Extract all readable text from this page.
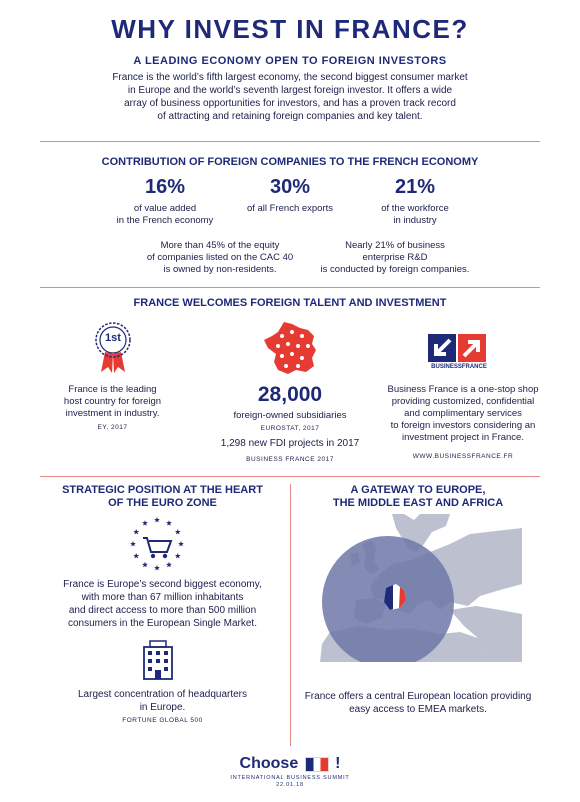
WHY INVEST IN FRANCE?
A LEADING ECONOMY OPEN TO FOREIGN INVESTORS
France is the world’s fifth largest economy, the second biggest consumer market
in Europe and the world’s seventh largest foreign investor. It offers a wide
array of business opportunities for investors, and has a proven track record
of attracting and retaining foreign companies and key talent.
CONTRIBUTION OF FOREIGN COMPANIES TO THE FRENCH ECONOMY
16%
of value added
in the French economy
30%
of all French exports
21%
of the workforce
in industry
More than 45% of the equity
of companies listed on the CAC 40
is owned by non-residents.
Nearly 21% of business
enterprise R&D
is conducted by foreign companies.
FRANCE WELCOMES FOREIGN TALENT AND INVESTMENT
1st
France is the leading
host country for foreign
investment in industry.
EY, 2017
28,000
foreign-owned subsidiaries
EUROSTAT, 2017
1,298 new FDI projects in 2017
BUSINESS FRANCE 2017
BUSINESSFRANCE
Business France is a one-stop shop
providing customized, confidential
and complimentary services
to foreign investors considering an
investment project in France.
WWW.BUSINESSFRANCE.FR
STRATEGIC POSITION AT THE HEART
OF THE EURO ZONE
France is Europe’s second biggest economy,
with more than 67 million inhabitants
and direct access to more than 500 million
consumers in the European Single Market.
Largest concentration of headquarters
in Europe.
FORTUNE GLOBAL 500
A GATEWAY TO EUROPE,
THE MIDDLE EAST AND AFRICA
France offers a central European location providing
easy access to EMEA markets.
Choose !
INTERNATIONAL BUSINESS SUMMIT
22.01.18
